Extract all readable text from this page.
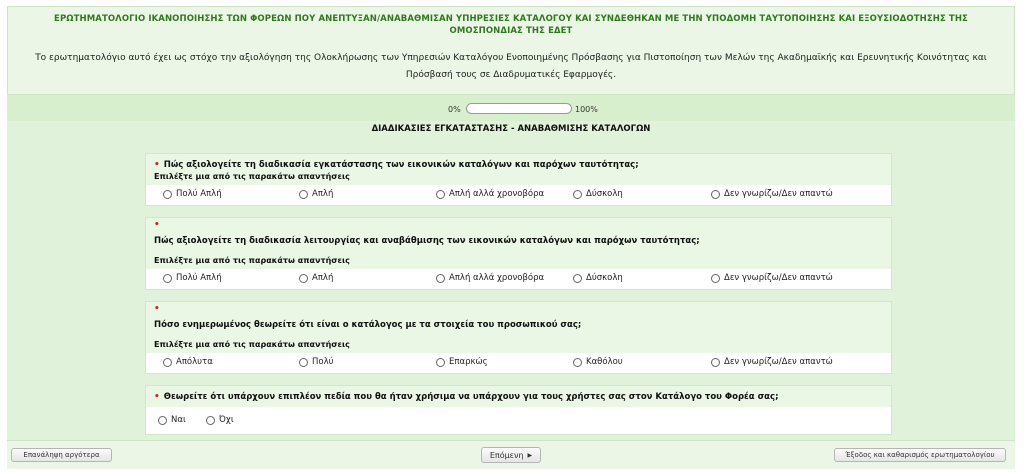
ΕΡΩΤΗΜΑΤΟΛΟΓΙΟ ΙΚΑΝΟΠΟΙΗΣΗΣ ΤΩΝ ΦΟΡΕΩΝ ΠΟΥ ΑΝΕΠΤΥΞΑΝ/ΑΝΑΒΑΘΜΙΣΑΝ ΥΠΗΡΕΣΙΕΣ ΚΑΤΑΛΟΓΟΥ ΚΑΙ ΣΥΝΔΕΘΗΚΑΝ ΜΕ ΤΗΝ ΥΠΟΔΟΜΗ ΤΑΥΤΟΠΟΙΗΣΗΣ ΚΑΙ ΕΞΟΥΣΙΟΔΟΤΗΣΗΣ ΤΗΣ ΟΜΟΣΠΟΝΔΙΑΣ ΤΗΣ ΕΔΕΤ
Το ερωτηματολόγιο αυτό έχει ως στόχο την αξιολόγηση της Ολοκλήρωσης των Υπηρεσιών Καταλόγου Ενοποιημένης Πρόσβασης για Πιστοποίηση των Μελών της Ακαδημαϊκής και Ερευνητικής Κοινότητας και Πρόσβασή τους σε Διαδρυματικές Εφαρμογές.
0%	100%
ΔΙΑΔΙΚΑΣΙΕΣ ΕΓΚΑΤΑΣΤΑΣΗΣ - ΑΝΑΒΑΘΜΙΣΗΣ ΚΑΤΑΛΟΓΩΝ
• Πώς αξιολογείτε τη διαδικασία εγκατάστασης των εικονικών καταλόγων και παρόχων ταυτότητας;
Επιλέξτε μια από τις παρακάτω απαντήσεις
Πολύ Απλή	Απλή	Απλή αλλά χρονοβόρα	Δύσκολη	Δεν γνωρίζω/Δεν απαντώ
•
Πώς αξιολογείτε τη διαδικασία λειτουργίας και αναβάθμισης των εικονικών καταλόγων και παρόχων ταυτότητας;
Επιλέξτε μια από τις παρακάτω απαντήσεις
Πολύ Απλή	Απλή	Απλή αλλά χρονοβόρα	Δύσκολη	Δεν γνωρίζω/Δεν απαντώ
•
Πόσο ενημερωμένος θεωρείτε ότι είναι ο κατάλογος με τα στοιχεία του προσωπικού σας;
Επιλέξτε μια από τις παρακάτω απαντήσεις
Απόλυτα	Πολύ	Επαρκώς	Καθόλου	Δεν γνωρίζω/Δεν απαντώ
• Θεωρείτε ότι υπάρχουν επιπλέον πεδία που θα ήταν χρήσιμα να υπάρχουν για τους χρήστες σας στον Κατάλογο του Φορέα σας;
Ναι	Όχι
Επανάληψη αργότερα	Επόμενη ▶	Έξοδος και καθαρισμός ερωτηματολογίου
